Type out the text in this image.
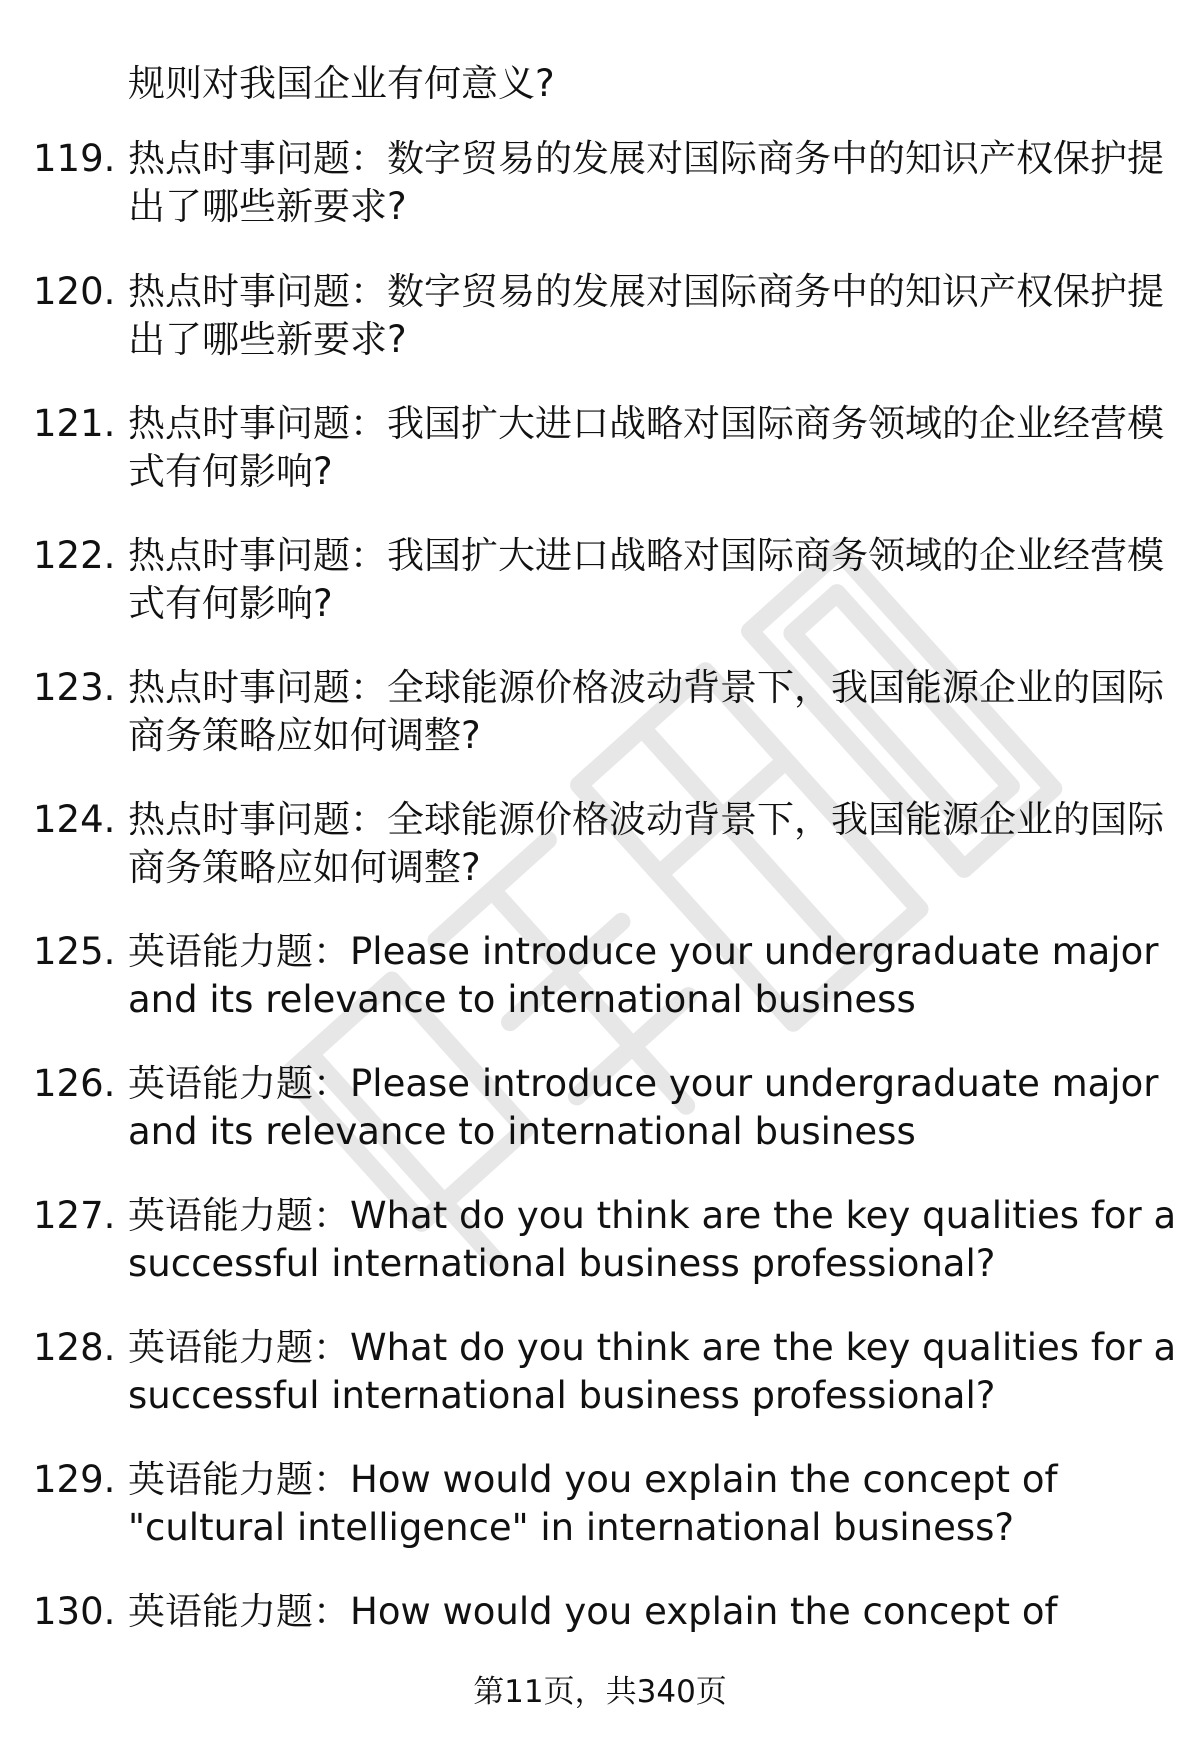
规则对我国企业有何意义?
119. 热点时事问题：数字贸易的发展对国际商务中的知识产权保护提
出了哪些新要求?
120. 热点时事问题：数字贸易的发展对国际商务中的知识产权保护提
出了哪些新要求?
121. 热点时事问题：我国扩大进口战略对国际商务领域的企业经营模
式有何影响?
122. 热点时事问题：我国扩大进口战略对国际商务领域的企业经营模
式有何影响?
123. 热点时事问题：全球能源价格波动背景下，我国能源企业的国际
商务策略应如何调整?
124. 热点时事问题：全球能源价格波动背景下，我国能源企业的国际
商务策略应如何调整?
125. 英语能力题：Please introduce your undergraduate major
and its relevance to international business
126. 英语能力题：Please introduce your undergraduate major
and its relevance to international business
127. 英语能力题：What do you think are the key qualities for a
successful international business professional?
128. 英语能力题：What do you think are the key qualities for a
successful international business professional?
129. 英语能力题：How would you explain the concept of
"cultural intelligence" in international business?
130. 英语能力题：How would you explain the concept of
第11页，共340页
